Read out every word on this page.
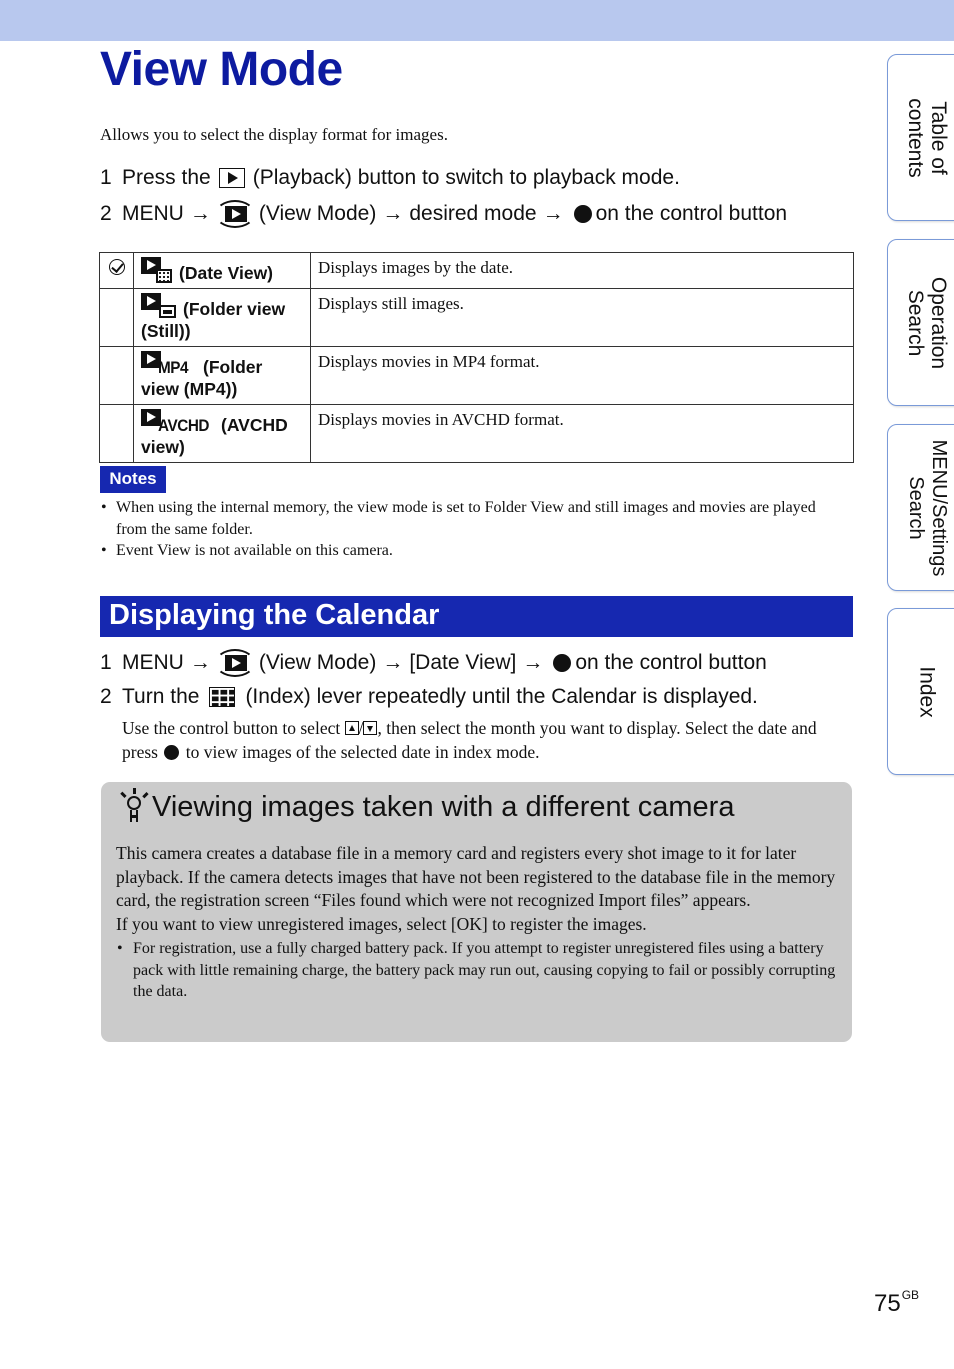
View Mode

Allows you to select the display format for images.

1 Press the (Playback) button to switch to playback mode.
2 MENU → (View Mode) → desired mode → on the control button

(Date View)	Displays images by the date.

(Folder view (Still))	Displays still images.

	MP4 (Folder view (MP4))	Displays movies in MP4 format.

	AVCHD (AVCHD view)	Displays movies in AVCHD format.
Notes
• When using the internal memory, the view mode is set to Folder View and still images and movies are played from the same folder.
• Event View is not available on this camera.
Displaying the Calendar
1 MENU → (View Mode) → [Date View] → on the control button
2 Turn the (Index) lever repeatedly until the Calendar is displayed.

Use the control button to select / , then select the month you want to display. Select the date and press to view images of the selected date in index mode.

Viewing images taken with a different camera

This camera creates a database file in a memory card and registers every shot image to it for later playback. If the camera detects images that have not been registered to the database file in the memory card, the registration screen “Files found which were not recognized Import files” appears.

If you want to view unregistered images, select [OK] to register the images.

• For registration, use a fully charged battery pack. If you attempt to register unregistered files using a battery pack with little remaining charge, the battery pack may run out, causing copying to fail or possibly corrupting the data.
Table of
contents
Operation
Search
MENU/Settings
Search
Index
$75^{GB}$
